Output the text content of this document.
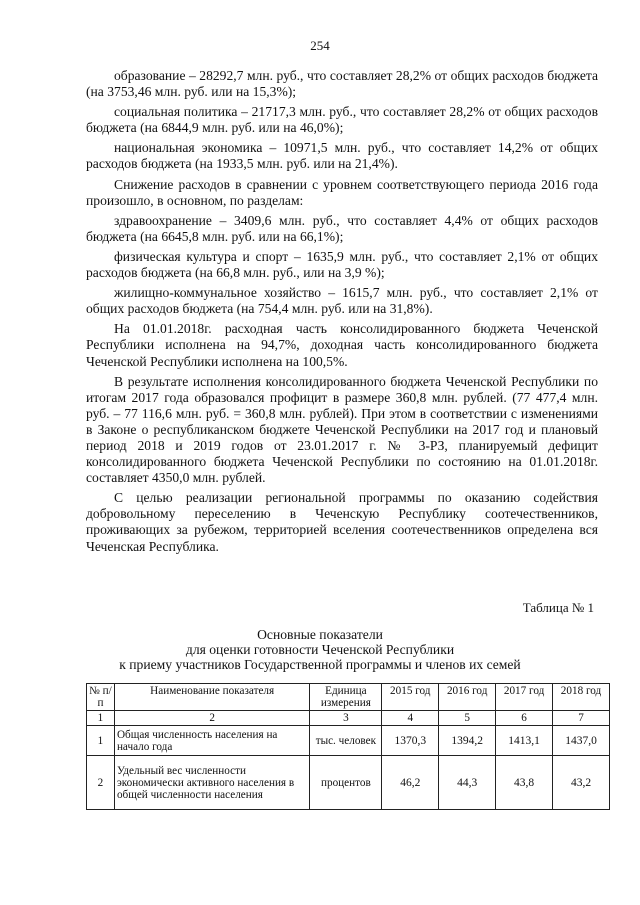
254

образование – 28292,7 млн. руб., что составляет 28,2% от общих расходов бюджета (на 3753,46 млн. руб. или на 15,3%);

социальная политика – 21717,3 млн. руб., что составляет 28,2% от общих расходов бюджета (на 6844,9 млн. руб. или на 46,0%);

национальная экономика – 10971,5 млн. руб., что составляет 14,2% от общих расходов бюджета (на 1933,5 млн. руб. или на 21,4%).

Снижение расходов в сравнении с уровнем соответствующего периода 2016 года произошло, в основном, по разделам:

здравоохранение – 3409,6 млн. руб., что составляет 4,4% от общих расходов бюджета (на 6645,8 млн. руб. или на 66,1%);

физическая культура и спорт – 1635,9 млн. руб., что составляет 2,1% от общих расходов бюджета (на 66,8 млн. руб., или на 3,9 %);

жилищно-коммунальное хозяйство – 1615,7 млн. руб., что составляет 2,1% от общих расходов бюджета (на 754,4 млн. руб. или на 31,8%).

На 01.01.2018г. расходная часть консолидированного бюджета Чеченской Республики исполнена на 94,7%, доходная часть консолидированного бюджета Чеченской Республики исполнена на 100,5%.

В результате исполнения консолидированного бюджета Чеченской Республики по итогам 2017 года образовался профицит в размере 360,8 млн. рублей. (77 477,4 млн. руб. – 77 116,6 млн. руб. = 360,8 млн. рублей). При этом в соответствии с изменениями в Законе о республиканском бюджете Чеченской Республики на 2017 год и плановый период 2018 и 2019 годов от 23.01.2017 г. № 3-РЗ, планируемый дефицит консолидированного бюджета Чеченской Республики по состоянию на 01.01.2018г. составляет 4350,0 млн. рублей.

С целью реализации региональной программы по оказанию содействия добровольному переселению в Чеченскую Республику соотечественников, проживающих за рубежом, территорией вселения соотечественников определена вся Чеченская Республика.

Таблица № 1
Основные показатели
для оценки готовности Чеченской Республики
к приему участников Государственной программы и членов их семей
№ п/п	Наименование показателя	Единица измерения	2015 год	2016 год	2017 год	2018 год
1	2	3	4	5	6	7
1	Общая численность населения на начало года	тыс. человек	1370,3	1394,2	1413,1	1437,0
2	Удельный вес численности экономически активного населения в общей численности населения	процентов	46,2	44,3	43,8	43,2
